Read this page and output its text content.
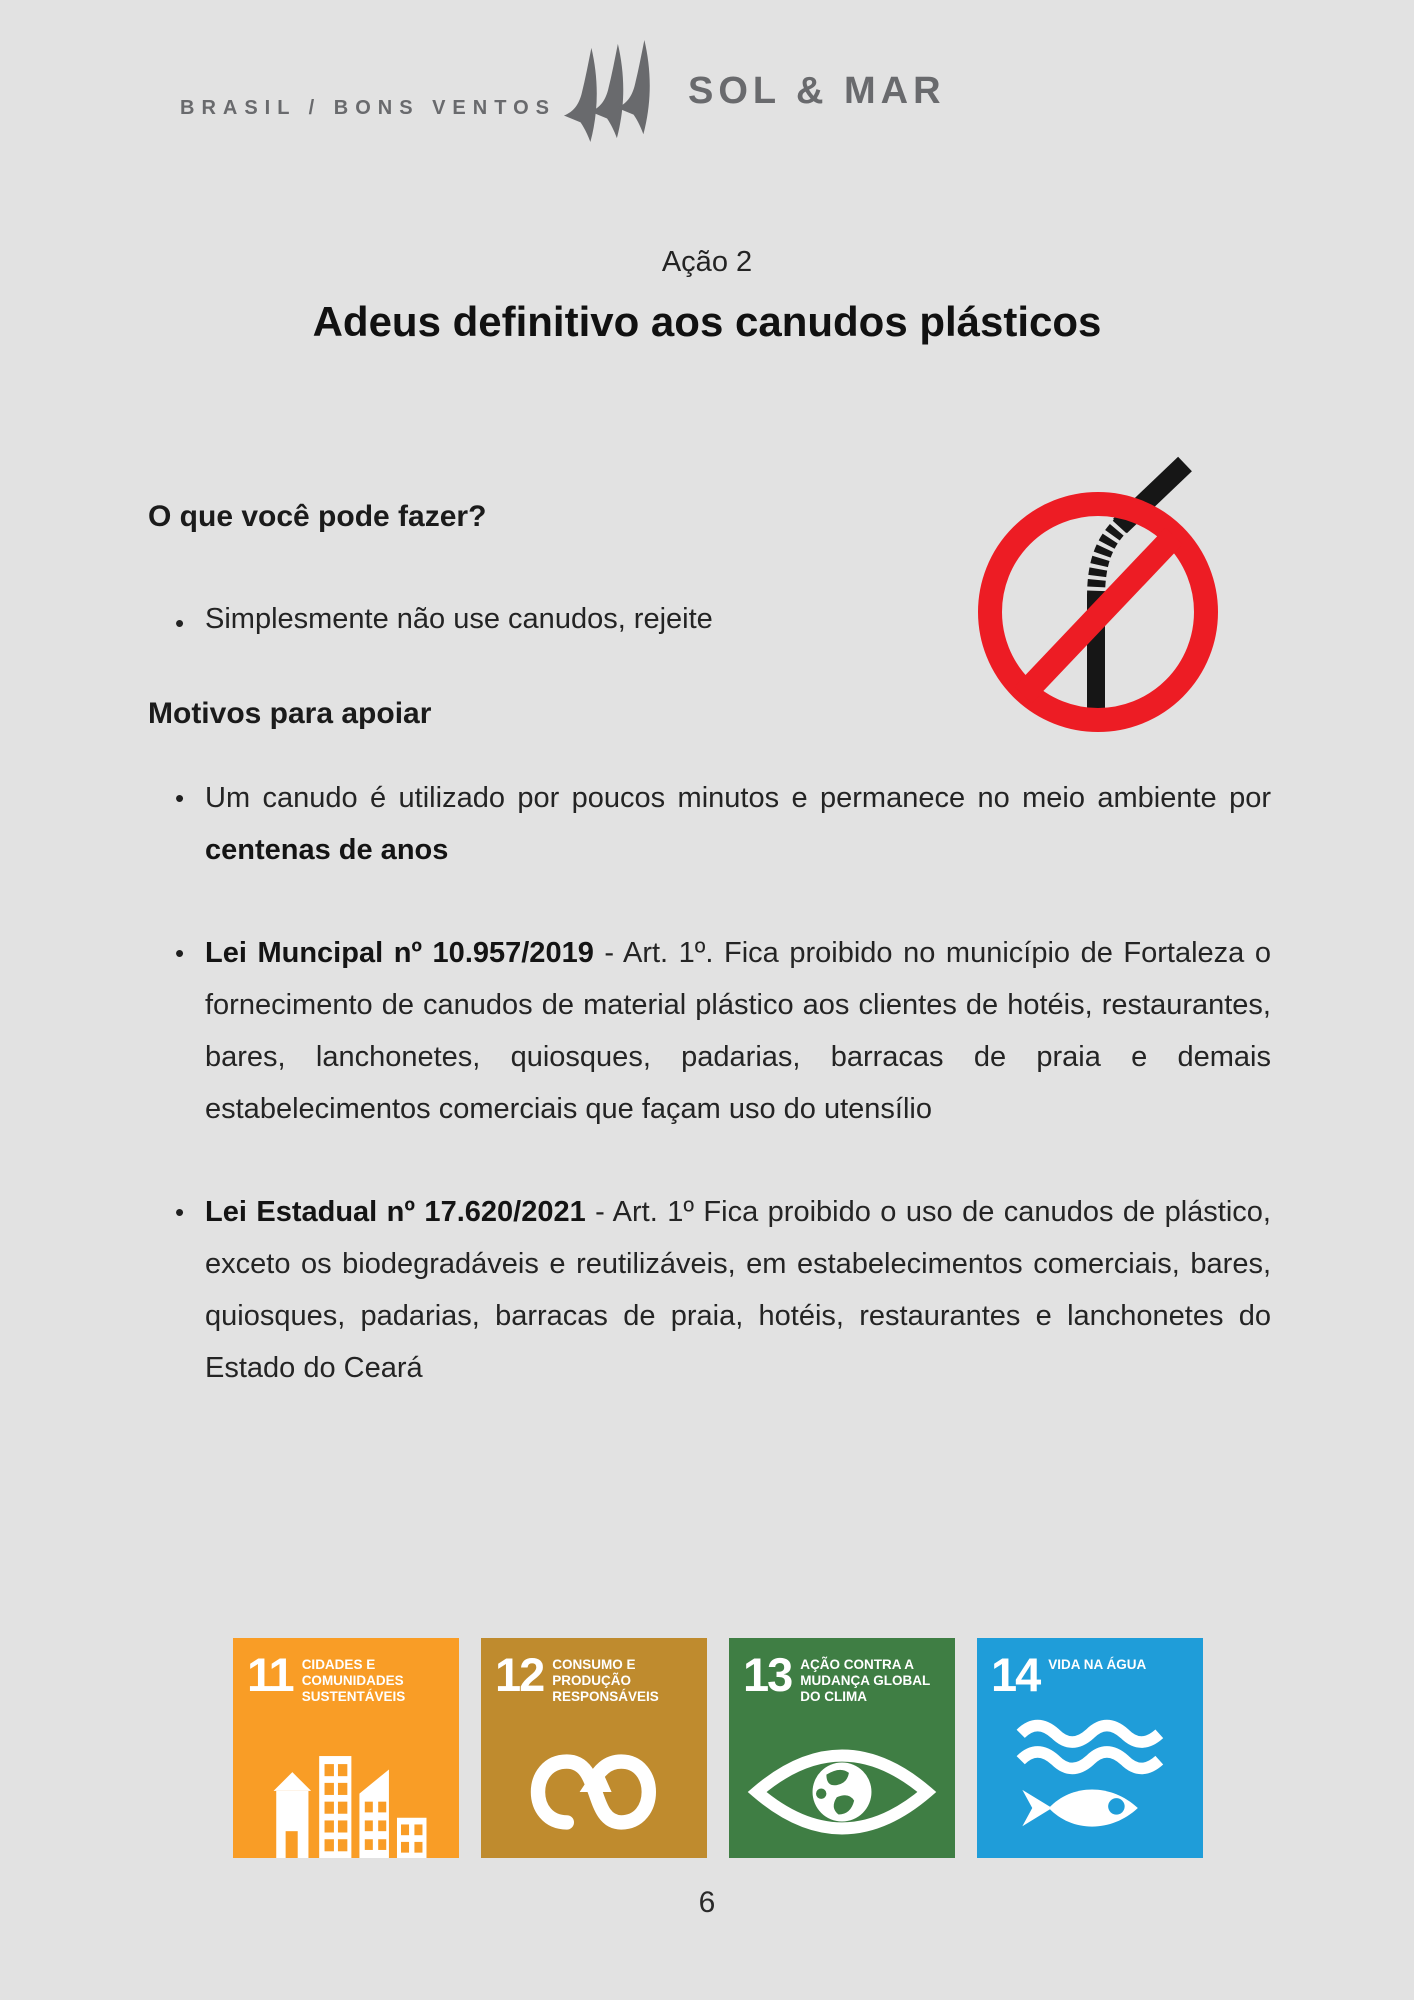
BRASIL / BONS VENTOS	SOL & MAR
Ação 2
Adeus definitivo aos canudos plásticos
O que você pode fazer?
• Simplesmente não use canudos, rejeite
Motivos para apoiar
• Um canudo é utilizado por poucos minutos e permanece no meio ambiente por centenas de anos
• Lei Muncipal nº 10.957/2019 - Art. 1º. Fica proibido no município de Fortaleza o fornecimento de canudos de material plástico aos clientes de hotéis, restaurantes, bares, lanchonetes, quiosques, padarias, barracas de praia e demais estabelecimentos comerciais que façam uso do utensílio
• Lei Estadual nº 17.620/2021 - Art. 1º Fica proibido o uso de canudos de plástico, exceto os biodegradáveis e reutilizáveis, em estabelecimentos comerciais, bares, quiosques, padarias, barracas de praia, hotéis, restaurantes e lanchonetes do Estado do Ceará
11 CIDADES E COMUNIDADES SUSTENTÁVEIS	12 CONSUMO E PRODUÇÃO RESPONSÁVEIS	13 AÇÃO CONTRA A MUDANÇA GLOBAL DO CLIMA	14 VIDA NA ÁGUA
6
